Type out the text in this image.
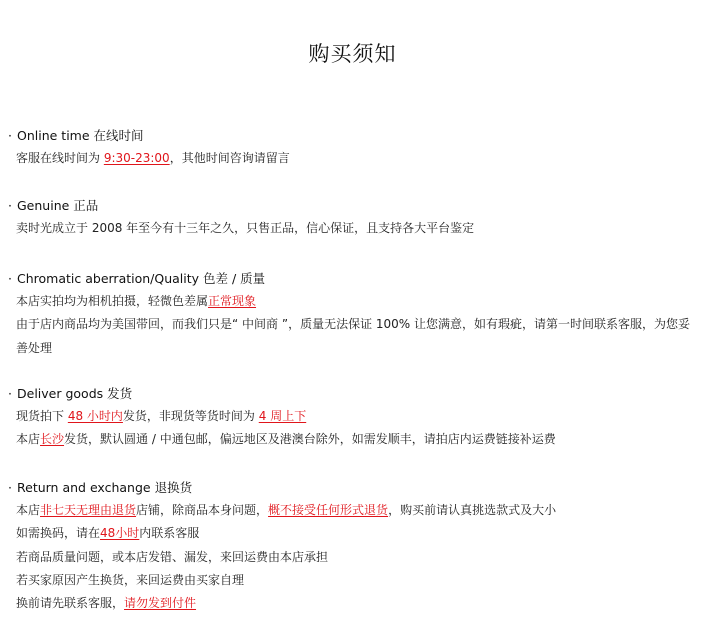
购买须知
· Online time 在线时间
客服在线时间为 9:30-23:00，其他时间咨询请留言
· Genuine 正品
卖时光成立于 2008 年至今有十三年之久，只售正品，信心保证，且支持各大平台鉴定
· Chromatic aberration/Quality 色差 / 质量
本店实拍均为相机拍摄，轻微色差属正常现象
由于店内商品均为美国带回，而我们只是“ 中间商 ”，质量无法保证 100% 让您满意，如有瑕疵，请第一时间联系客服，为您妥善处理
· Deliver goods 发货
现货拍下 48 小时内发货，非现货等货时间为 4 周上下
本店长沙发货，默认圆通 / 中通包邮，偏远地区及港澳台除外，如需发顺丰，请拍店内运费链接补运费
· Return and exchange 退换货
本店非七天无理由退货店铺，除商品本身问题，概不接受任何形式退货，购买前请认真挑选款式及大小
如需换码，请在48小时内联系客服
若商品质量问题，或本店发错、漏发，来回运费由本店承担
若买家原因产生换货，来回运费由买家自理
换前请先联系客服，请勿发到付件
